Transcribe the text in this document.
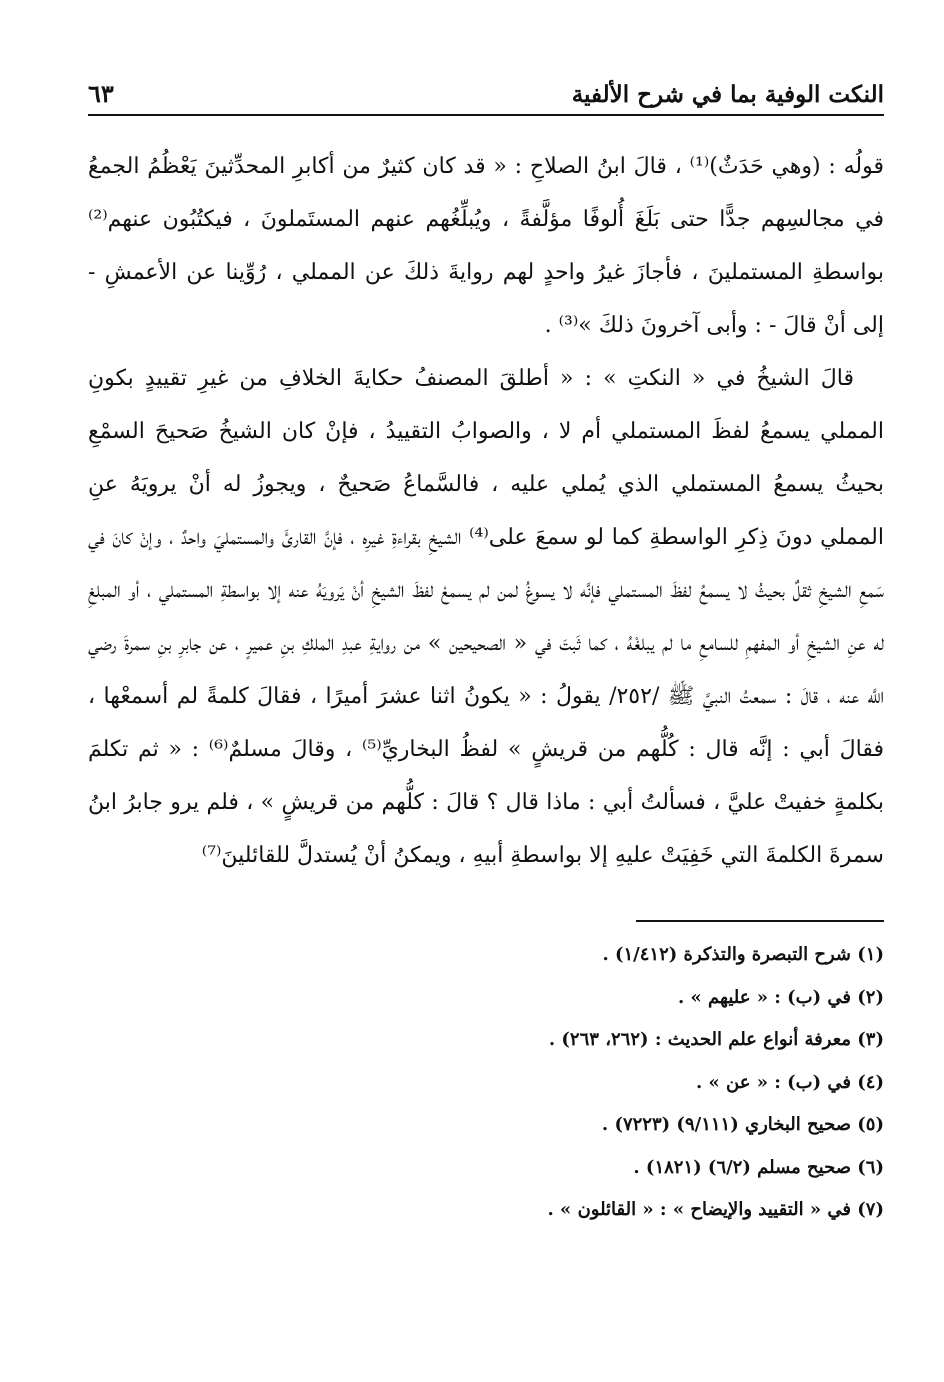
النكت الوفية بما في شرح الألفية
٦٣

قولُه : (وهي حَدَثٌ)⁽¹⁾ ، قالَ ابنُ الصلاحِ : « قد كان كثيرٌ من أكابرِ المحدِّثينَ يَعْظُمُ الجمعُ في مجالسِهم جدًّا حتى بَلَغَ أُلوفًا مؤلَّفةً ، ويُبلِّغُهم عنهم المستَملونَ ، فيكتُبُون عنهم⁽²⁾ بواسطةِ المستملينَ ، فأجازَ غيرُ واحدٍ لهم روايةَ ذلكَ عن المملي ، رُوِّينا عن الأعمشِ - إلى أنْ قالَ - : وأبى آخرونَ ذلكَ »⁽³⁾ .

قالَ الشيخُ في « النكتِ » : « أطلقَ المصنفُ حكايةَ الخلافِ من غيرِ تقييدٍ بكونِ المملي يسمعُ لفظَ المستملي أم لا ، والصوابُ التقييدُ ، فإنْ كان الشيخُ صَحيحَ السمْعِ بحيثُ يسمعُ المستملي الذي يُملي عليه ، فالسَّماعُ صَحيحٌ ، ويجوزُ له أنْ يرويَهُ عنِ المملي دونَ ذِكرِ الواسطةِ كما لو سمعَ على⁽⁴⁾ الشيخِ بقراءةِ غيرِه ، فإنَّ القارئَ والمستمليَ واحدٌ ، وإنْ كانَ في سَمعِ الشيخِ ثقلٌ بحيثُ لا يسمعُ لفظَ المستملي فإنَّه لا يسوغُ لمن لم يسمعْ لفظَ الشيخِ أنْ يَرويَهُ عنه إلا بواسطةِ المستملي ، أو المبلغِ له عنِ الشيخِ أو المفهمِ للسامعِ ما لم يبلغْهُ ، كما ثَبتَ في « الصحيحين » من روايةِ عبدِ الملكِ بنِ عميرٍ ، عن جابرِ بنِ سمرةَ رضي اللَّه عنه ، قالَ : سمعتُ النبيَّ ﷺ /٢٥٢/ يقولُ : « يكونُ اثنا عشرَ أميرًا ، فقالَ كلمةً لم أسمعْها ، فقالَ أبي : إنَّه قال : كُلُّهم من قريشٍ » لفظُ البخاريِّ⁽⁵⁾ ، وقالَ مسلمٌ⁽⁶⁾ : « ثم تكلمَ بكلمةٍ خفيتْ عليَّ ، فسألتُ أبي : ماذا قال ؟ قالَ : كلُّهم من قريشٍ » ، فلم يرو جابرُ ابنُ سمرةَ الكلمةَ التي خَفِيَتْ عليهِ إلا بواسطةِ أبيهِ ، ويمكنُ أنْ يُستدلَّ للقائلينَ⁽⁷⁾

(١) شرح التبصرة والتذكرة (١/٤١٢) .
(٢) في (ب) : « عليهم » .
(٣) معرفة أنواع علم الحديث : (٢٦٢، ٢٦٣) .
(٤) في (ب) : « عن » .
(٥) صحيح البخاري (٩/١١١) (٧٢٢٣) .
(٦) صحيح مسلم (٦/٢) (١٨٢١) .
(٧) في « التقييد والإيضاح » : « القائلون » .
